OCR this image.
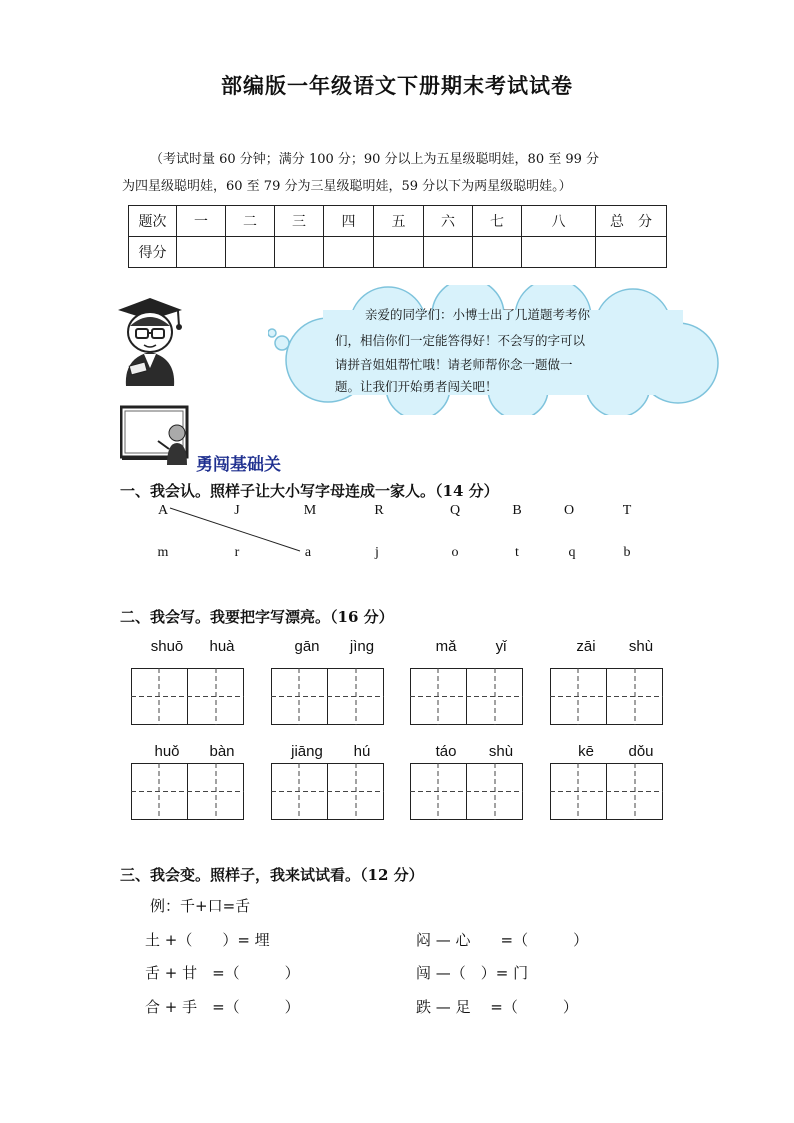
部编版一年级语文下册期末考试试卷
（考试时量 60 分钟；满分 100 分；90 分以上为五星级聪明娃，80 至 99 分
为四星级聪明娃，60 至 79 分为三星级聪明娃，59 分以下为两星级聪明娃。）
题次	一	二	三	四	五	六	七	八	总　分
得分									
亲爱的同学们：小博士出了几道题考考你
们，相信你们一定能答得好！不会写的字可以
请拼音姐姐帮忙哦！请老师帮你念一题做一
题。让我们开始勇者闯关吧！
勇闯基础关
一、我会认。照样子让大小写字母连成一家人。（14 分）
A	J	M	R	Q	B	O	T
m	r	a	j	o	t	q	b
二、我会写。我要把字写漂亮。（16 分）
shuō	huà	gān	jìng	mǎ	yǐ	zāi	shù
huǒ	bàn	jiāng	hú	táo	shù	kē	dǒu
三、我会变。照样子，我来试试看。（12 分）
例：千+口=舌
土 +（　　）= 埋
舌 + 甘　=（　　　）
合 + 手　=（　　　）
闷 — 心　　=（　　　）
闯 —（　）= 门
跌 — 足　 =（　　　）
